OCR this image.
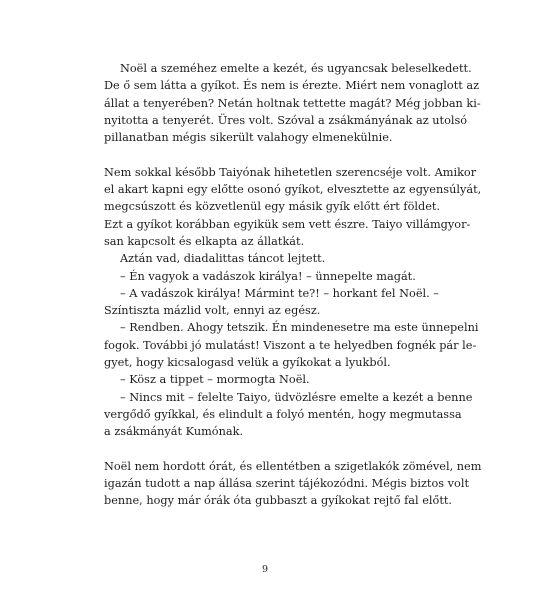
Noël a szeméhez emelte a kezét, és ugyancsak beleselkedett.

De ő sem látta a gyíkot. És nem is érezte. Miért nem vonaglott az

állat a tenyerében? Netán holtnak tettette magát? Még jobban ki-

nyitotta a tenyerét. Üres volt. Szóval a zsákmányának az utolsó

pillanatban mégis sikerült valahogy elmenekülnie.

Nem sokkal később Taiyónak hihetetlen szerencséje volt. Amikor

el akart kapni egy előtte osonó gyíkot, elvesztette az egyensúlyát,

megcsúszott és közvetlenül egy másik gyík előtt ért földet.

Ezt a gyíkot korábban egyikük sem vett észre. Taiyo villámgyor-

san kapcsolt és elkapta az állatkát.

Aztán vad, diadalittas táncot lejtett.

– Én vagyok a vadászok királya! – ünnepelte magát.

– A vadászok királya! Mármint te?! – horkant fel Noël. –

Színtiszta mázlid volt, ennyi az egész.

– Rendben. Ahogy tetszik. Én mindenesetre ma este ünnepelni

fogok. További jó mulatást! Viszont a te helyedben fognék pár le-

gyet, hogy kicsalogasd velük a gyíkokat a lyukból.

– Kösz a tippet – mormogta Noël.

– Nincs mit – felelte Taiyo, üdvözlésre emelte a kezét a benne

vergődő gyíkkal, és elindult a folyó mentén, hogy megmutassa

a zsákmányát Kumónak.

Noël nem hordott órát, és ellentétben a szigetlakók zömével, nem

igazán tudott a nap állása szerint tájékozódni. Mégis biztos volt

benne, hogy már órák óta gubbaszt a gyíkokat rejtő fal előtt.

9
